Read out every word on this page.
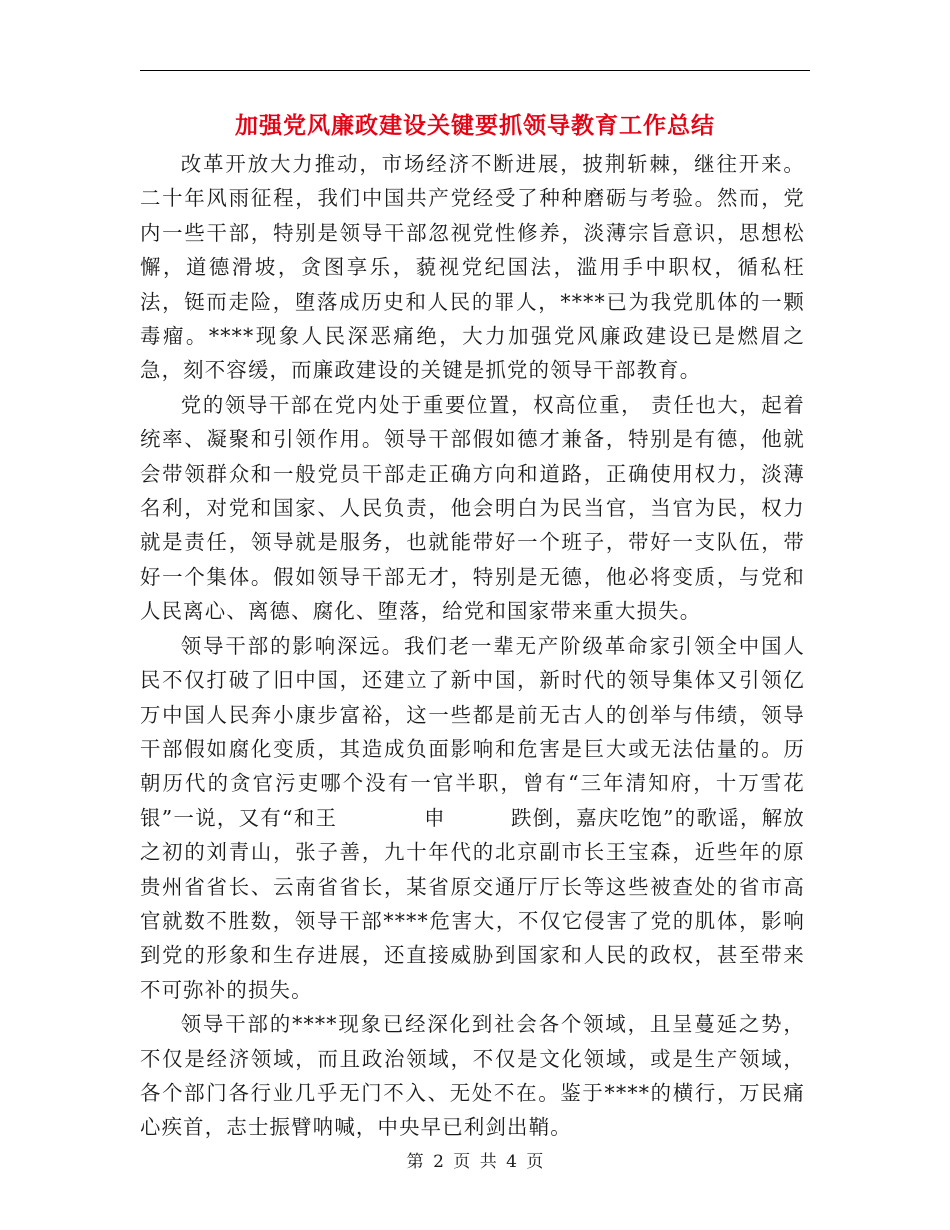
加强党风廉政建设关键要抓领导教育工作总结

改革开放大力推动，市场经济不断进展，披荆斩棘，继往开来。二十年风雨征程，我们中国共产党经受了种种磨砺与考验。然而，党内一些干部，特别是领导干部忽视党性修养，淡薄宗旨意识，思想松懈，道德滑坡，贪图享乐，藐视党纪国法，滥用手中职权，循私枉法，铤而走险，堕落成历史和人民的罪人，****已为我党肌体的一颗毒瘤。****现象人民深恶痛绝，大力加强党风廉政建设已是燃眉之急，刻不容缓，而廉政建设的关键是抓党的领导干部教育。

党的领导干部在党内处于重要位置，权高位重， 责任也大，起着统率、凝聚和引领作用。领导干部假如德才兼备，特别是有德，他就会带领群众和一般党员干部走正确方向和道路，正确使用权力，淡薄名利，对党和国家、人民负责，他会明白为民当官，当官为民，权力就是责任，领导就是服务，也就能带好一个班子，带好一支队伍，带好一个集体。假如领导干部无才，特别是无德，他必将变质，与党和人民离心、离德、腐化、堕落，给党和国家带来重大损失。

领导干部的影响深远。我们老一辈无产阶级革命家引领全中国人民不仅打破了旧中国，还建立了新中国，新时代的领导集体又引领亿万中国人民奔小康步富裕，这一些都是前无古人的创举与伟绩，领导干部假如腐化变质，其造成负面影响和危害是巨大或无法估量的。历朝历代的贪官污吏哪个没有一官半职，曾有“三年清知府，十万雪花银”一说，又有“和王　　　　申　　　跌倒，嘉庆吃饱”的歌谣，解放之初的刘青山，张子善，九十年代的北京副市长王宝森，近些年的原贵州省省长、云南省省长，某省原交通厅厅长等这些被查处的省市高官就数不胜数，领导干部****危害大，不仅它侵害了党的肌体，影响到党的形象和生存进展，还直接威胁到国家和人民的政权，甚至带来不可弥补的损失。

领导干部的****现象已经深化到社会各个领域，且呈蔓延之势，不仅是经济领域，而且政治领域，不仅是文化领域，或是生产领域，各个部门各行业几乎无门不入、无处不在。鉴于****的横行，万民痛心疾首，志士振臂呐喊，中央早已利剑出鞘。

第 2 页 共 4 页
